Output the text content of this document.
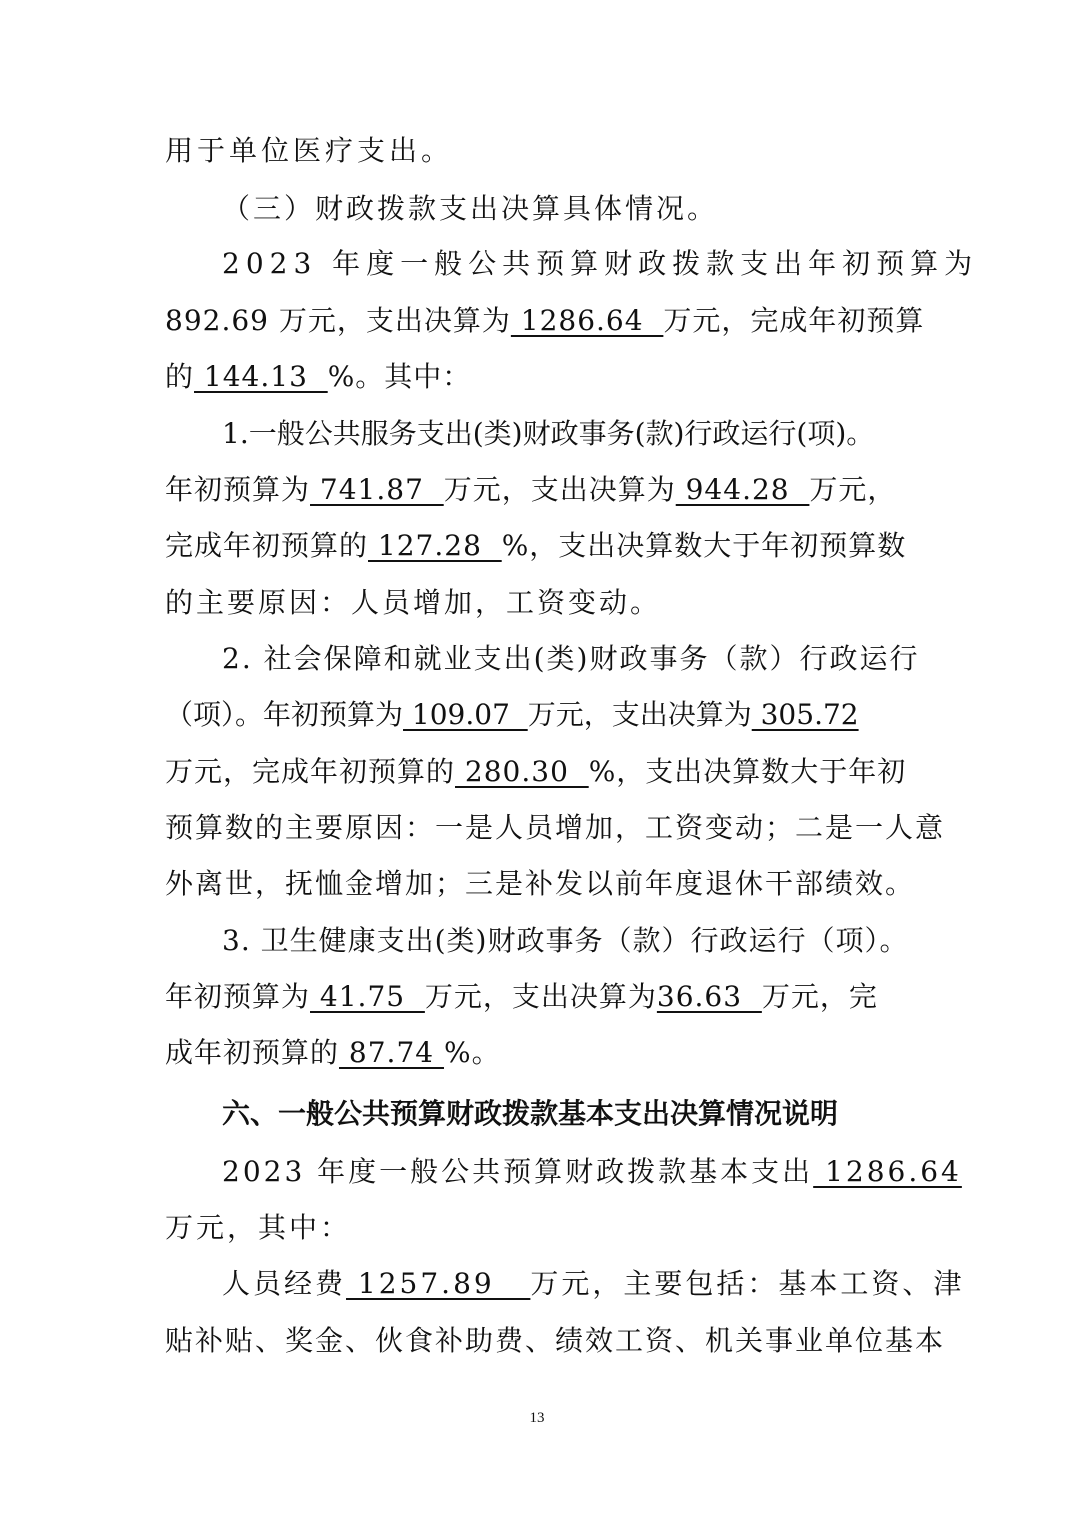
用于单位医疗支出。
（三）财政拨款支出决算具体情况。
2023 年度一般公共预算财政拨款支出年初预算为
892.69 万元，支出决算为 1286.64  万元，完成年初预算
的 144.13  %。其中：
1.一般公共服务支出(类)财政事务(款)行政运行(项)。
年初预算为 741.87  万元，支出决算为 944.28  万元，
完成年初预算的 127.28  %，支出决算数大于年初预算数
的主要原因：人员增加，工资变动。
2. 社会保障和就业支出(类)财政事务（款）行政运行
（项）。年初预算为 109.07  万元，支出决算为 305.72
万元，完成年初预算的 280.30  %，支出决算数大于年初
预算数的主要原因：一是人员增加，工资变动；二是一人意
外离世，抚恤金增加；三是补发以前年度退休干部绩效。
3. 卫生健康支出(类)财政事务（款）行政运行（项）。
年初预算为 41.75  万元，支出决算为36.63  万元，完
成年初预算的 87.74 %。
六、一般公共预算财政拨款基本支出决算情况说明
2023 年度一般公共预算财政拨款基本支出 1286.64
万元，其中：
人员经费 1257.89   万元，主要包括：基本工资、津
贴补贴、奖金、伙食补助费、绩效工资、机关事业单位基本
13
